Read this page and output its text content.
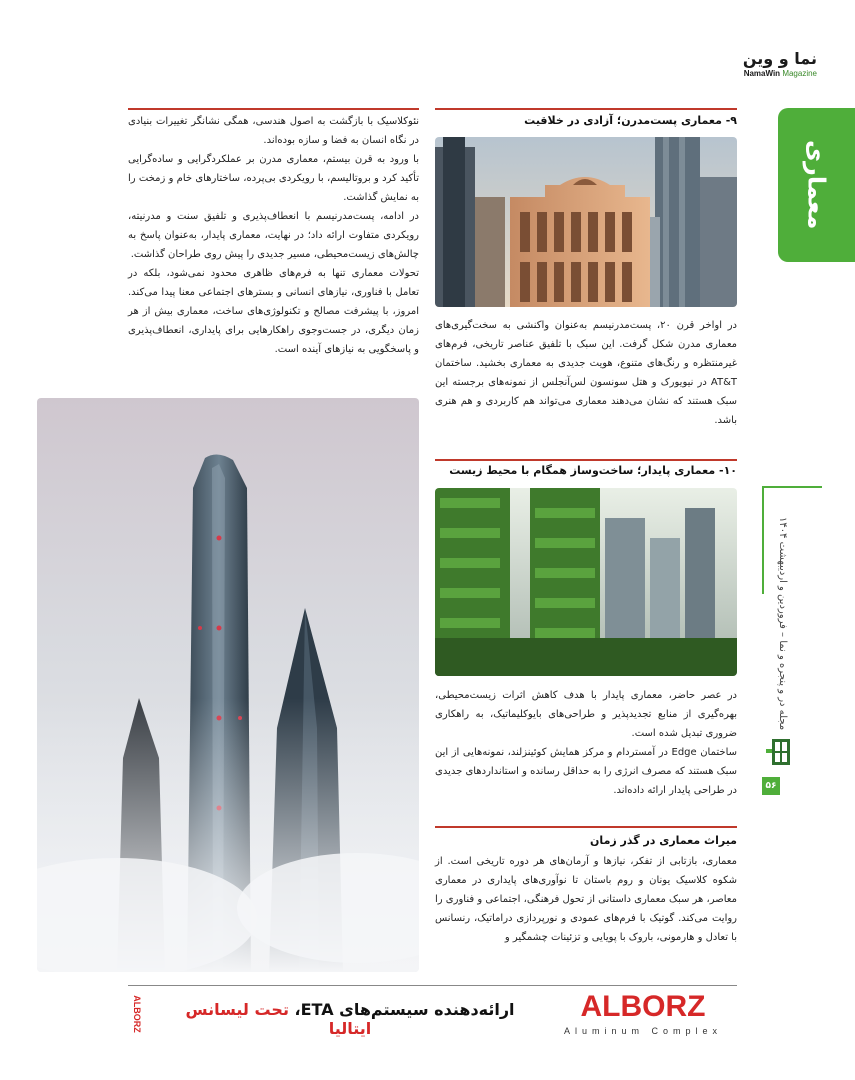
نما و وین
NamaWin Magazine
معماری
مجله در و پنجره و نما – فروردین و اردیبهشت ۱۴۰۴
۵۶
۹- معماری پست‌مدرن؛ آزادی در خلاقیت
در اواخر قرن ۲۰، پست‌مدرنیسم به‌عنوان واکنشی به سخت‌گیری‌های معماری مدرن شکل گرفت. این سبک با تلفیق عناصر تاریخی، فرم‌های غیرمنتظره و رنگ‌های متنوع، هویت جدیدی به معماری بخشید. ساختمان AT&T در نیویورک و هتل سونسون لس‌آنجلس از نمونه‌های برجسته این سبک هستند که نشان می‌دهند معماری می‌تواند هم کاربردی و هم هنری باشد.
۱۰- معماری پایدار؛ ساخت‌وساز همگام با محیط زیست

در عصر حاضر، معماری پایدار با هدف کاهش اثرات زیست‌محیطی، بهره‌گیری از منابع تجدیدپذیر و طراحی‌های بایوکلیماتیک، به راهکاری ضروری تبدیل شده است.

ساختمان Edge در آمستردام و مرکز همایش کوئینزلند، نمونه‌هایی از این سبک هستند که مصرف انرژی را به حداقل رسانده و استانداردهای جدیدی در طراحی پایدار ارائه داده‌اند.

میراث معماری در گذر زمان
معماری، بازتابی از تفکر، نیازها و آرمان‌های هر دوره تاریخی است. از شکوه کلاسیک یونان و روم باستان تا نوآوری‌های پایداری در معماری معاصر، هر سبک معماری داستانی از تحول فرهنگی، اجتماعی و فناوری را روایت می‌کند. گوتیک با فرم‌های عمودی و نورپردازی دراماتیک، رنسانس با تعادل و هارمونی، باروک با پویایی و تزئینات چشمگیر و

نئوکلاسیک با بازگشت به اصول هندسی، همگی نشانگر تغییرات بنیادی در نگاه انسان به فضا و سازه بوده‌اند.

با ورود به قرن بیستم، معماری مدرن بر عملکردگرایی و ساده‌گرایی تأکید کرد و بروتالیسم، با رویکردی بی‌پرده، ساختارهای خام و زمخت را به نمایش گذاشت.

در ادامه، پست‌مدرنیسم با انعطاف‌پذیری و تلفیق سنت و مدرنیته، رویکردی متفاوت ارائه داد؛ در نهایت، معماری پایدار، به‌عنوان پاسخ به چالش‌های زیست‌محیطی، مسیر جدیدی را پیش روی طراحان گذاشت.

تحولات معماری تنها به فرم‌های ظاهری محدود نمی‌شود، بلکه در تعامل با فناوری، نیازهای انسانی و بسترهای اجتماعی معنا پیدا می‌کند. امروز، با پیشرفت مصالح و تکنولوژی‌های ساخت، معماری بیش از هر زمان دیگری، در جست‌وجوی راهکارهایی برای پایداری، انعطاف‌پذیری و پاسخگویی به نیازهای آینده است.

ارائه‌دهنده سیستم‌های ETA، تحت لیسانس ایتالیا
ALBORZ
Aluminum Complex
ALBORZ
